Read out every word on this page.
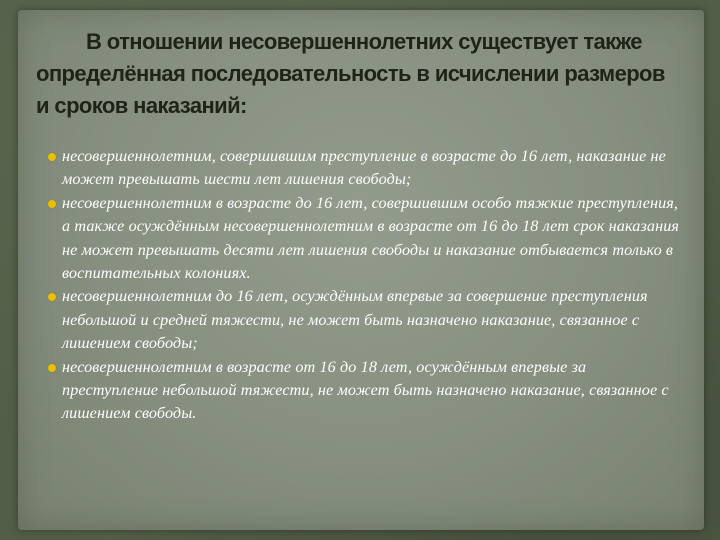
В отношении несовершеннолетних существует также определённая последовательность в исчислении размеров и сроков наказаний:
несовершеннолетним, совершившим преступление в возрасте до 16 лет, наказание не может превышать шести лет лишения свободы;
несовершеннолетним в возрасте до 16 лет, совершившим особо тяжкие преступления, а также осуждённым несовершеннолетним в возрасте от 16 до 18 лет срок наказания не может превышать десяти лет лишения свободы и наказание отбывается только в воспитательных колониях.
несовершеннолетним до 16 лет, осуждённым впервые за совершение преступления небольшой и средней тяжести, не может быть назначено наказание, связанное с лишением свободы;
несовершеннолетним в возрасте от 16 до 18 лет, осуждённым впервые за преступление небольшой тяжести, не может быть назначено наказание, связанное с лишением свободы.
